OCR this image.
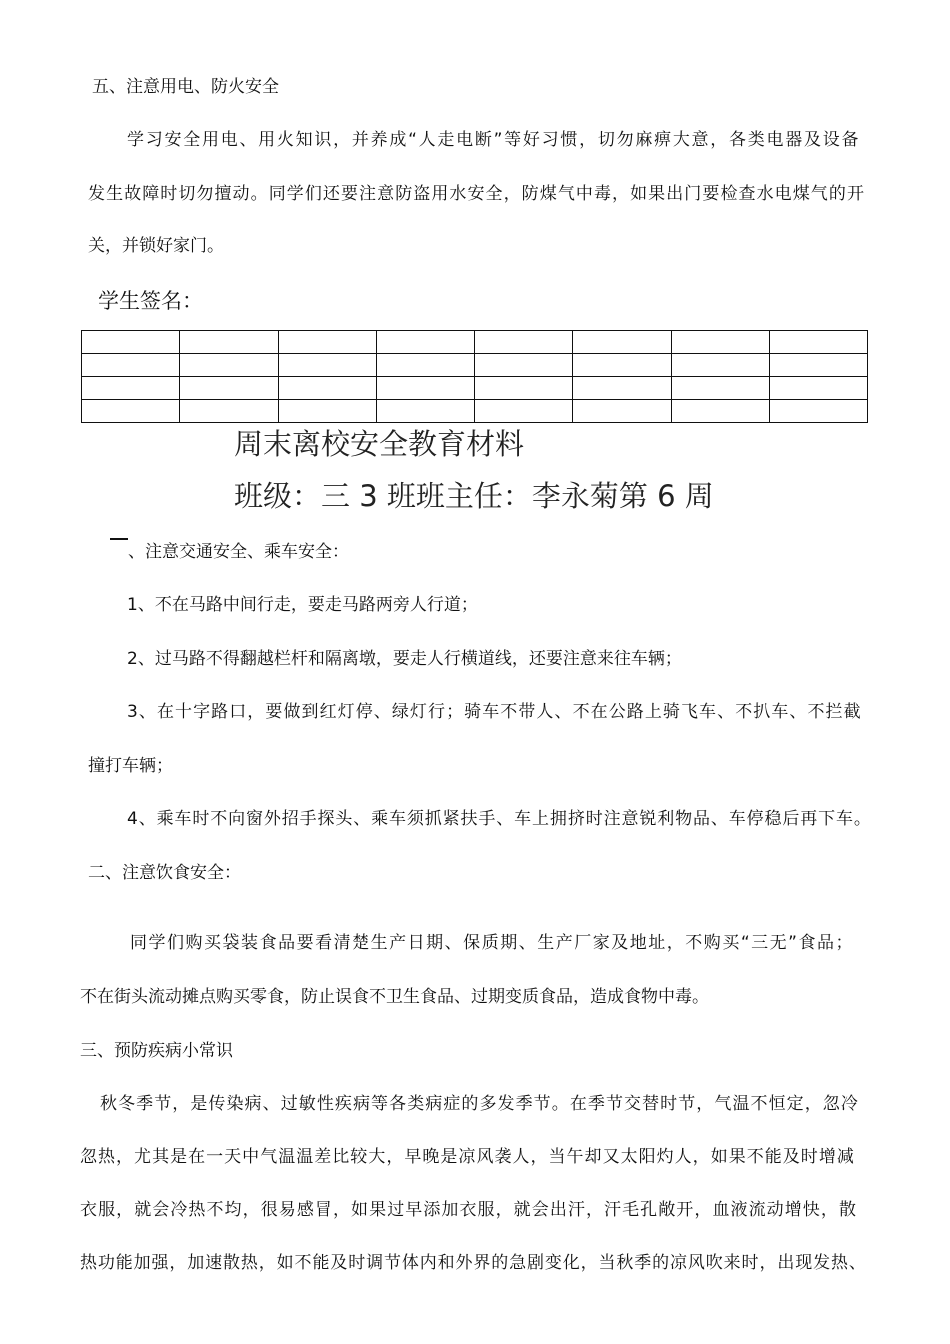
五、注意用电、防火安全
学习安全用电、用火知识，并养成“人走电断”等好习惯，切勿麻痹大意，各类电器及设备
发生故障时切勿擅动。同学们还要注意防盗用水安全，防煤气中毒，如果出门要检查水电煤气的开
关，并锁好家门。
学生签名：

周末离校安全教育材料
班级：三 3 班班主任：李永菊第 6 周
、注意交通安全、乘车安全：
1、不在马路中间行走，要走马路两旁人行道；
2、过马路不得翻越栏杆和隔离墩，要走人行横道线，还要注意来往车辆；
3、在十字路口，要做到红灯停、绿灯行；骑车不带人、不在公路上骑飞车、不扒车、不拦截
撞打车辆；
4、乘车时不向窗外招手探头、乘车须抓紧扶手、车上拥挤时注意锐利物品、车停稳后再下车。
二、注意饮食安全：
同学们购买袋装食品要看清楚生产日期、保质期、生产厂家及地址，不购买“三无”食品；
不在街头流动摊点购买零食，防止误食不卫生食品、过期变质食品，造成食物中毒。
三、预防疾病小常识
秋冬季节，是传染病、过敏性疾病等各类病症的多发季节。在季节交替时节，气温不恒定，忽冷
忽热，尤其是在一天中气温温差比较大，早晚是凉风袭人，当午却又太阳灼人，如果不能及时增减
衣服，就会冷热不均，很易感冒，如果过早添加衣服，就会出汗，汗毛孔敞开，血液流动增快，散
热功能加强，加速散热，如不能及时调节体内和外界的急剧变化，当秋季的凉风吹来时，出现发热、
